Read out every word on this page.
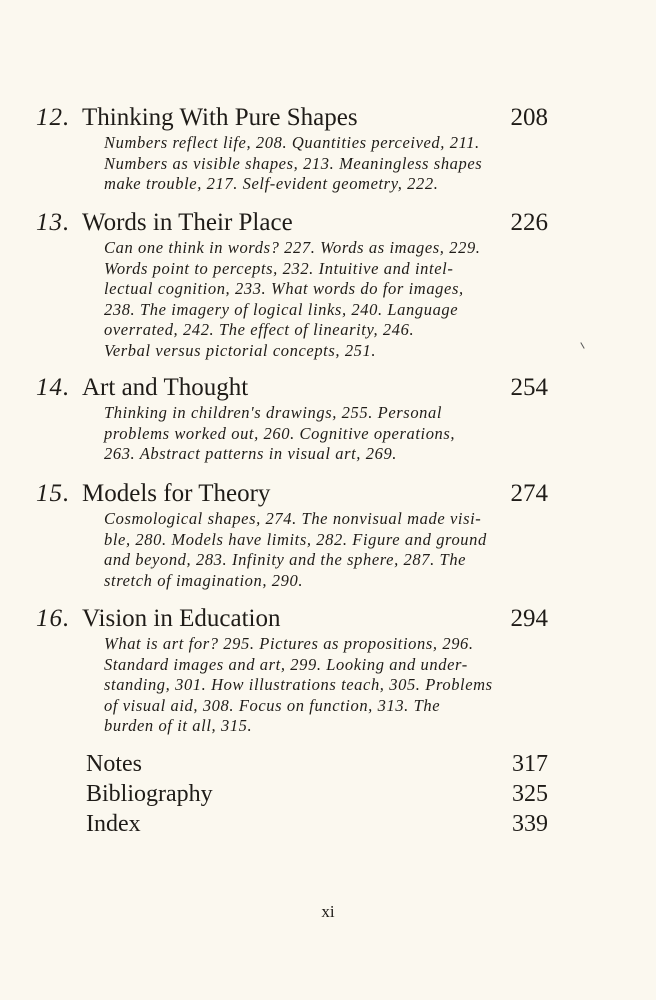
12. Thinking With Pure Shapes	208
Numbers reflect life, 208. Quantities perceived, 211.
Numbers as visible shapes, 213. Meaningless shapes
make trouble, 217. Self-evident geometry, 222.
13. Words in Their Place	226
Can one think in words? 227. Words as images, 229.
Words point to percepts, 232. Intuitive and intel-
lectual cognition, 233. What words do for images,
238. The imagery of logical links, 240. Language
overrated, 242. The effect of linearity, 246.
Verbal versus pictorial concepts, 251.
14. Art and Thought	254
Thinking in children's drawings, 255. Personal
problems worked out, 260. Cognitive operations,
263. Abstract patterns in visual art, 269.
15. Models for Theory	274
Cosmological shapes, 274. The nonvisual made visi-
ble, 280. Models have limits, 282. Figure and ground
and beyond, 283. Infinity and the sphere, 287. The
stretch of imagination, 290.
16. Vision in Education	294
What is art for? 295. Pictures as propositions, 296.
Standard images and art, 299. Looking and under-
standing, 301. How illustrations teach, 305. Problems
of visual aid, 308. Focus on function, 313. The
burden of it all, 315.
Notes	317
Bibliography	325
Index	339
xi
